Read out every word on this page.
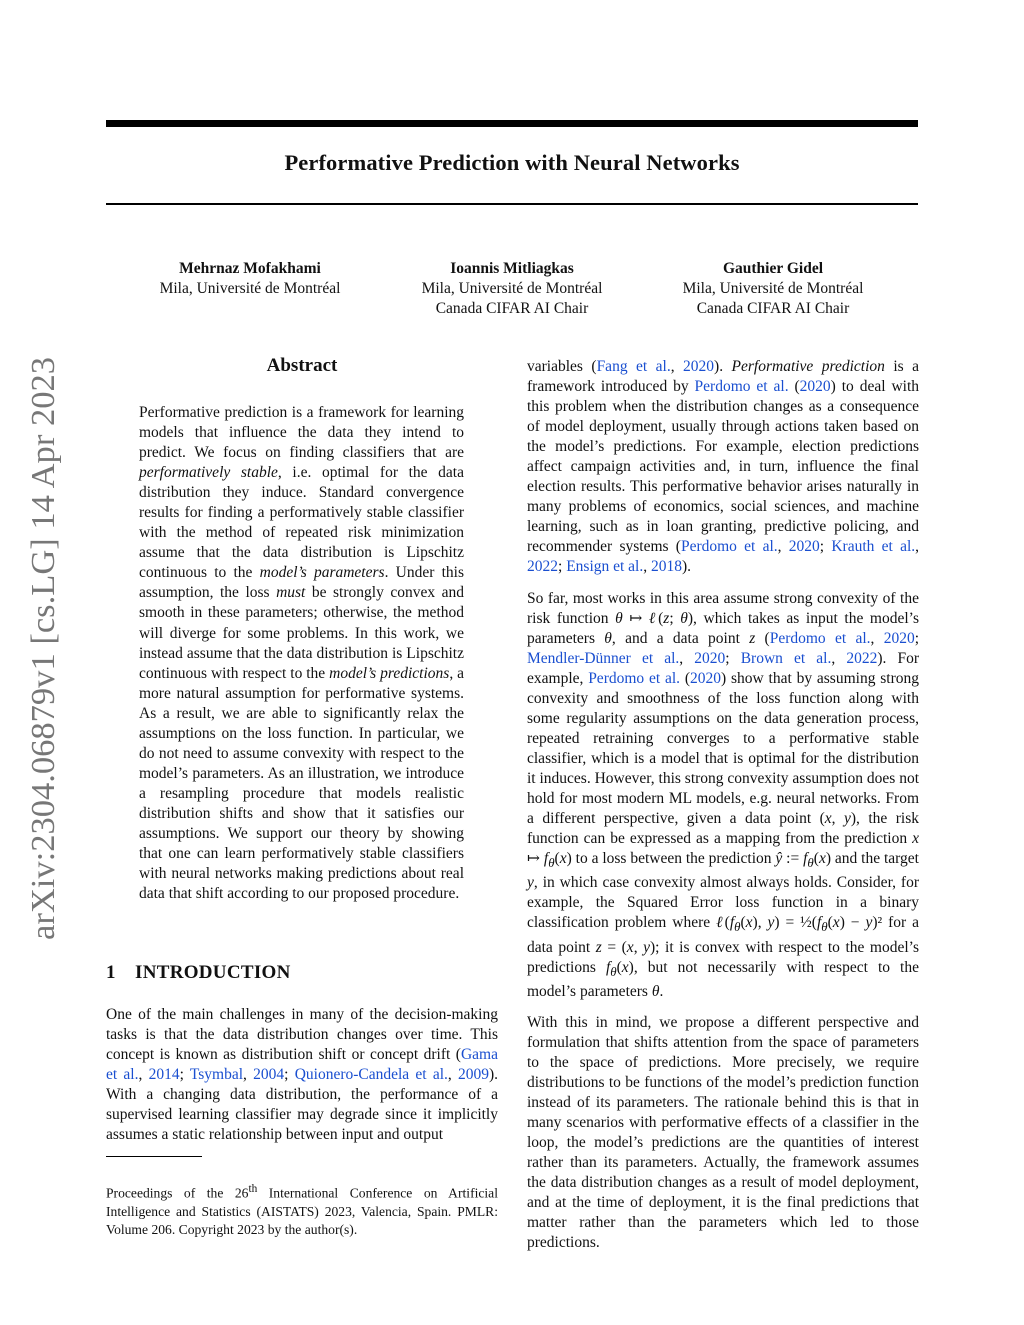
Performative Prediction with Neural Networks
Mehrnaz Mofakhami
Mila, Université de Montréal
Ioannis Mitliagkas
Mila, Université de Montréal
Canada CIFAR AI Chair
Gauthier Gidel
Mila, Université de Montréal
Canada CIFAR AI Chair
arXiv:2304.06879v1 [cs.LG] 14 Apr 2023
Abstract

Performative prediction is a framework for learning models that influence the data they intend to predict. We focus on finding classifiers that are performatively stable, i.e. optimal for the data distribution they induce. Standard convergence results for finding a performatively stable classifier with the method of repeated risk minimization assume that the data distribution is Lipschitz continuous to the model’s parameters. Under this assumption, the loss must be strongly convex and smooth in these parameters; otherwise, the method will diverge for some problems. In this work, we instead assume that the data distribution is Lipschitz continuous with respect to the model’s predictions, a more natural assumption for performative systems. As a result, we are able to significantly relax the assumptions on the loss function. In particular, we do not need to assume convexity with respect to the model’s parameters. As an illustration, we introduce a resampling procedure that models realistic distribution shifts and show that it satisfies our assumptions. We support our theory by showing that one can learn performatively stable classifiers with neural networks making predictions about real data that shift according to our proposed procedure.

1 INTRODUCTION

One of the main challenges in many of the decision-making tasks is that the data distribution changes over time. This concept is known as distribution shift or concept drift (Gama et al., 2014; Tsymbal, 2004; Quionero-Candela et al., 2009). With a changing data distribution, the performance of a supervised learning classifier may degrade since it implicitly assumes a static relationship between input and output

Proceedings of the 26th International Conference on Artificial Intelligence and Statistics (AISTATS) 2023, Valencia, Spain. PMLR: Volume 206. Copyright 2023 by the author(s).

variables (Fang et al., 2020). Performative prediction is a framework introduced by Perdomo et al. (2020) to deal with this problem when the distribution changes as a consequence of model deployment, usually through actions taken based on the model’s predictions. For example, election predictions affect campaign activities and, in turn, influence the final election results. This performative behavior arises naturally in many problems of economics, social sciences, and machine learning, such as in loan granting, predictive policing, and recommender systems (Perdomo et al., 2020; Krauth et al., 2022; Ensign et al., 2018).

So far, most works in this area assume strong convexity of the risk function θ ↦ ℓ(z; θ), which takes as input the model’s parameters θ, and a data point z (Perdomo et al., 2020; Mendler-Dünner et al., 2020; Brown et al., 2022). For example, Perdomo et al. (2020) show that by assuming strong convexity and smoothness of the loss function along with some regularity assumptions on the data generation process, repeated retraining converges to a performative stable classifier, which is a model that is optimal for the distribution it induces. However, this strong convexity assumption does not hold for most modern ML models, e.g. neural networks. From a different perspective, given a data point (x, y), the risk function can be expressed as a mapping from the prediction x ↦ $f_\theta(x)$ to a loss between the prediction ŷ := $f_\theta(x)$ and the target y, in which case convexity almost always holds. Consider, for example, the Squared Error loss function in a binary classification problem where $\ell(f_\theta(x)$, $y) = \frac{1}{2}(f_\theta(x) - y)^2$ for a data point z = (x, y); it is convex with respect to the model’s predictions $f_\theta(x)$, but not necessarily with respect to the model’s parameters θ.

With this in mind, we propose a different perspective and formulation that shifts attention from the space of parameters to the space of predictions. More precisely, we require distributions to be functions of the model’s prediction function instead of its parameters. The rationale behind this is that in many scenarios with performative effects of a classifier in the loop, the model’s predictions are the quantities of interest rather than its parameters. Actually, the framework assumes the data distribution changes as a result of model deployment, and at the time of deployment, it is the final predictions that matter rather than the parameters which led to those predictions.
